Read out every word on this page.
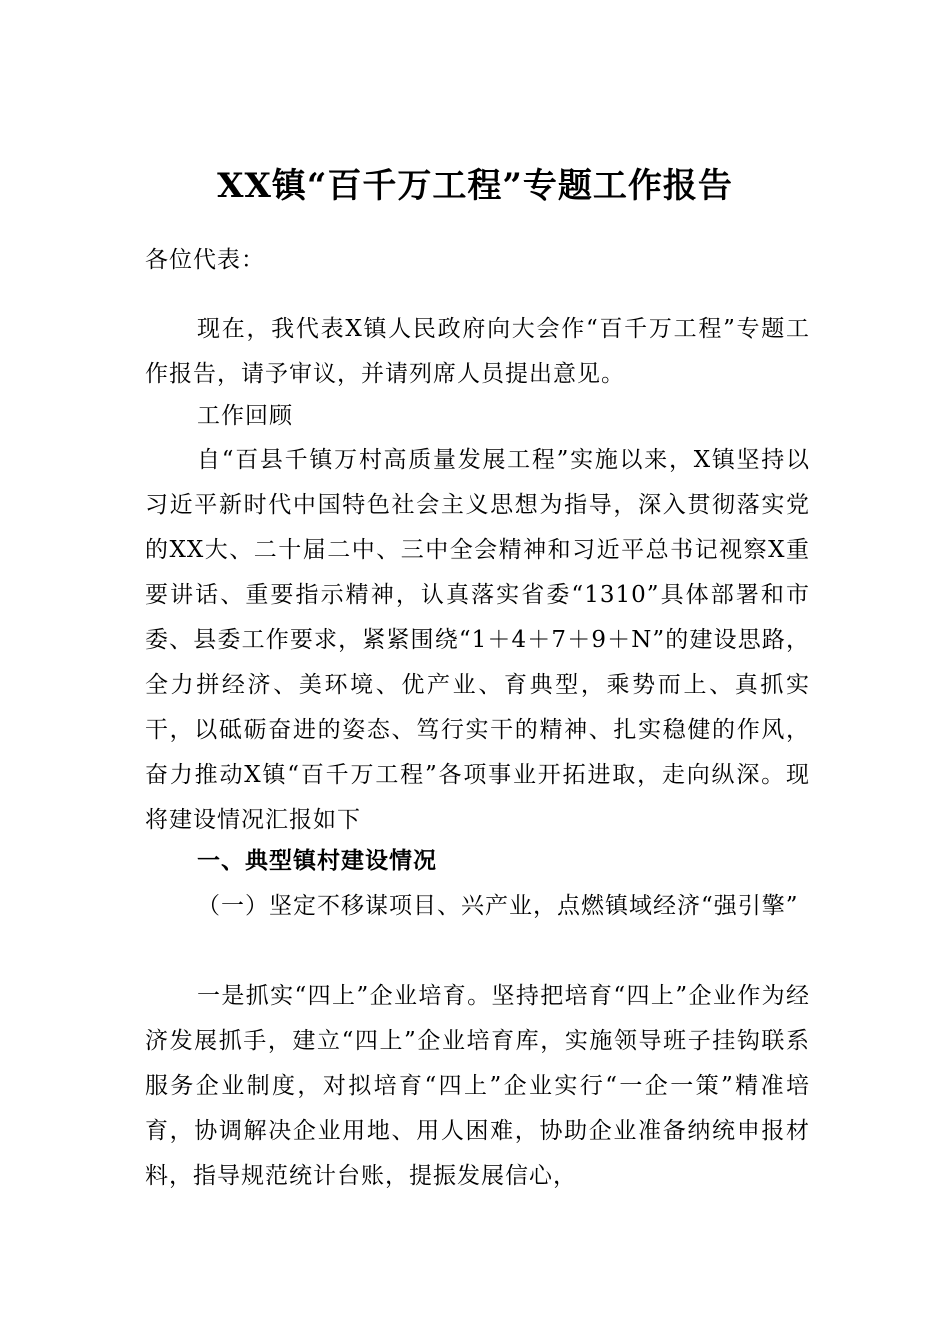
XX镇“百千万工程”专题工作报告
各位代表：
现在，我代表X镇人民政府向大会作“百千万工程”专题工作报告，请予审议，并请列席人员提出意见。
工作回顾
自“百县千镇万村高质量发展工程”实施以来，X镇坚持以习近平新时代中国特色社会主义思想为指导，深入贯彻落实党的XX大、二十届二中、三中全会精神和习近平总书记视察X重要讲话、重要指示精神，认真落实省委“1310”具体部署和市委、县委工作要求，紧紧围绕“1＋4＋7＋9＋N”的建设思路，全力拼经济、美环境、优产业、育典型，乘势而上、真抓实干，以砥砺奋进的姿态、笃行实干的精神、扎实稳健的作风，奋力推动X镇“百千万工程”各项事业开拓进取，走向纵深。现将建设情况汇报如下
一、典型镇村建设情况
（一）坚定不移谋项目、兴产业，点燃镇域经济“强引擎”
一是抓实“四上”企业培育。坚持把培育“四上”企业作为经济发展抓手，建立“四上”企业培育库，实施领导班子挂钩联系服务企业制度，对拟培育“四上”企业实行“一企一策”精准培育，协调解决企业用地、用人困难，协助企业准备纳统申报材料，指导规范统计台账，提振发展信心，
